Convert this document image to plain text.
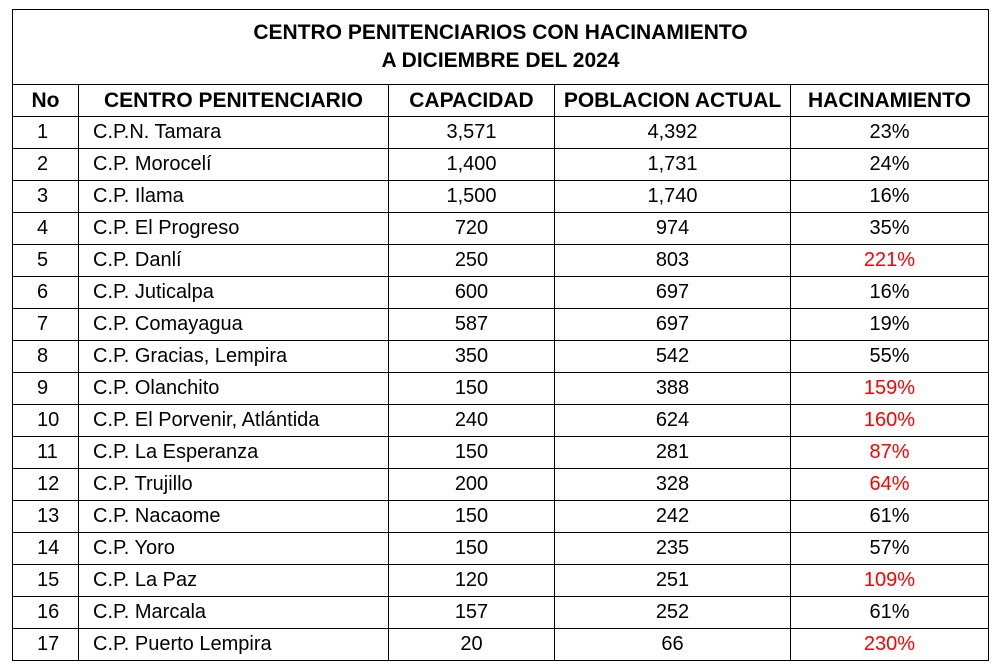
CENTRO PENITENCIARIOS CON HACINAMIENTO
A DICIEMBRE DEL 2024				

No	CENTRO PENITENCIARIO	CAPACIDAD	POBLACION ACTUAL	HACINAMIENTO
1	C.P.N. Tamara	3,571	4,392	23%
2	C.P. Morocelí	1,400	1,731	24%
3	C.P. Ilama	1,500	1,740	16%
4	C.P. El Progreso	720	974	35%
5	C.P. Danlí	250	803	221%
6	C.P. Juticalpa	600	697	16%
7	C.P. Comayagua	587	697	19%
8	C.P. Gracias, Lempira	350	542	55%
9	C.P. Olanchito	150	388	159%
10	C.P. El Porvenir, Atlántida	240	624	160%
11	C.P. La Esperanza	150	281	87%
12	C.P. Trujillo	200	328	64%
13	C.P. Nacaome	150	242	61%
14	C.P. Yoro	150	235	57%
15	C.P. La Paz	120	251	109%
16	C.P. Marcala	157	252	61%
17	C.P. Puerto Lempira	20	66	230%
